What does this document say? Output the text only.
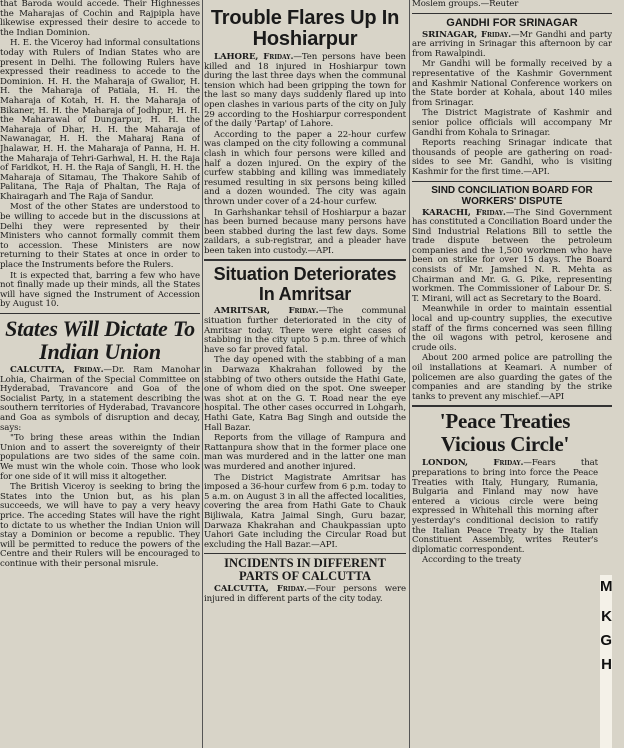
that Baroda would accede. Their Highnesses the Maharajas of Cochin and Rajpipla have likewise expressed their desire to accede to the Indian Dominion.

H. E. the Viceroy had informal consultations today with Rulers of Indian States who are present in Delhi. The following Rulers have expressed their readiness to accede to the Dominion. H. H. the Maharaja of Gwalior, H. H. the Maharaja of Patiala, H. H. the Maharaja of Kotah, H. H. the Maharaja of Bikaner, H. H. the Maharaja of Jodhpur, H. H. the Maharawal of Dungarpur, H. H. the Maharaja of Dhar, H. H. the Maharaja of Nawanagar, H. H. the Maharaj Rana of Jhalawar, H. H. the Maharaja of Panna, H. H. the Maharaja of Tehri-Garhwal, H. H. the Raja of Faridkot, H. H. the Raja of Sangli, H. H. the Maharaja of Sitamau, The Thakore Sahib of Palitana, The Raja of Phaltan, The Raja of Khairagarh and The Raja of Sandur.

Most of the other States are understood to be willing to accede but in the discussions at Delhi they were represented by their Ministers who cannot formally commit them to accession. These Ministers are now returning to their States at once in order to place the Instruments before the Rulers.

It is expected that, barring a few who have not finally made up their minds, all the States will have signed the Instrument of Accession by August 10.

States Will Dictate To Indian Union

CALCUTTA, Friday.—Dr. Ram Manohar Lohia, Chairman of the Special Committee on Hyderabad, Travancore and Goa of the Socialist Party, in a statement describing the southern territories of Hyderabad, Travancore and Goa as symbols of disruption and decay, says:

"To bring these areas within the Indian Union and to assert the sovereignty of their populations are two sides of the same coin. We must win the whole coin. Those who look for one side of it will miss it altogether.

The British Viceroy is seeking to bring the States into the Union but, as his plan succeeds, we will have to pay a very heavy price. The acceding States will have the right to dictate to us whether the Indian Union will stay a Dominion or become a republic. They will be permitted to reduce the powers of the Centre and their Rulers will be encouraged to continue with their personal misrule.

Trouble Flares Up In Hoshiarpur

LAHORE, Friday.—Ten persons have been killed and 18 injured in Hoshiarpur town during the last three days when the communal tension which had been gripping the town for the last so many days suddenly flared up into open clashes in various parts of the city on July 29 according to the Hoshiarpur correspondent of the daily 'Partap' of Lahore.

According to the paper a 22-hour curfew was clamped on the city following a communal clash in which four persons were killed and half a dozen injured. On the expiry of the curfew stabbing and killing was immediately resumed resulting in six persons being killed and a dozen wounded. The city was again thrown under cover of a 24-hour curfew.

In Garhshankar tehsil of Hoshiarpur a bazar has been burned because many persons have been stabbed during the last few days. Some zaildars, a sub-registrar, and a pleader have been taken into custody.—API.

Situation Deteriorates In Amritsar

AMRITSAR, Friday.—The communal situation further deteriorated in the city of Amritsar today. There were eight cases of stabbing in the city upto 5 p.m. three of which have so far proved fatal.

The day opened with the stabbing of a man in Darwaza Khakrahan followed by the stabbing of two others outside the Hathi Gate, one of whom died on the spot. One sweeper was shot at on the G. T. Road near the eye hospital. The other cases occurred in Lohgarh, Hathi Gate, Katra Bag Singh and outside the Hall Bazar.

Reports from the village of Rampura and Rattanpura show that in the former place one man was murdered and in the latter one man was murdered and another injured.

The District Magistrate Amritsar has imposed a 36-hour curfew from 6 p.m. today to 5 a.m. on August 3 in all the affected localities, covering the area from Hathi Gate to Chauk Bijliwala, Katra Jaimal Singh, Guru bazar, Darwaza Khakrahan and Chaukpassian upto Uahori Gate including the Circular Road but excluding the Hall Bazar.—API.

INCIDENTS IN DIFFERENT PARTS OF CALCUTTA

CALCUTTA, Friday.—Four persons were injured in different parts of the city today.

Moslem groups.—Reuter

GANDHI FOR SRINAGAR

SRINAGAR, Friday.—Mr Gandhi and party are arriving in Srinagar this afternoon by car from Rawalpindi.

Mr Gandhi will be formally received by a representative of the Kashmir Government and Kashmir National Conference workers on the State border at Kohala, about 140 miles from Srinagar.

The District Magistrate of Kashmir and senior police officials will accompany Mr Gandhi from Kohala to Srinagar.

Reports reaching Srinagar indicate that thousands of people are gathering on road-sides to see Mr. Gandhi, who is visiting Kashmir for the first time.—API.

SIND CONCILIATION BOARD FOR WORKERS' DISPUTE

KARACHI, Friday.—The Sind Government has constituted a Conciliation Board under the Sind Industrial Relations Bill to settle the trade dispute between the petroleum companies and the 1,500 workmen who have been on strike for over 15 days. The Board consists of Mr. Jamshed N. R. Mehta as Chairman and Mr. G. G. Pike, representing workmen. The Commissioner of Labour Dr. S. T. Mirani, will act as Secretary to the Board.

Meanwhile in order to maintain essential local and up-country supplies, the executive staff of the firms concerned was seen filling the oil wagons with petrol, kerosene and crude oils.

About 200 armed police are patrolling the oil installations at Keamari. A number of policemen are also guarding the gates of the companies and are standing by the strike tanks to prevent any mischief.—API

'Peace Treaties Vicious Circle'

LONDON, Friday.—Fears that preparations to bring into force the Peace Treaties with Italy, Hungary, Rumania, Bulgaria and Finland may now have entered a vicious circle were being expressed in Whitehall this morning after yesterday's conditional decision to ratify the Italian Peace Treaty by the Italian Constituent Assembly, writes Reuter's diplomatic correspondent.

According to the treaty

M
K
G
H
